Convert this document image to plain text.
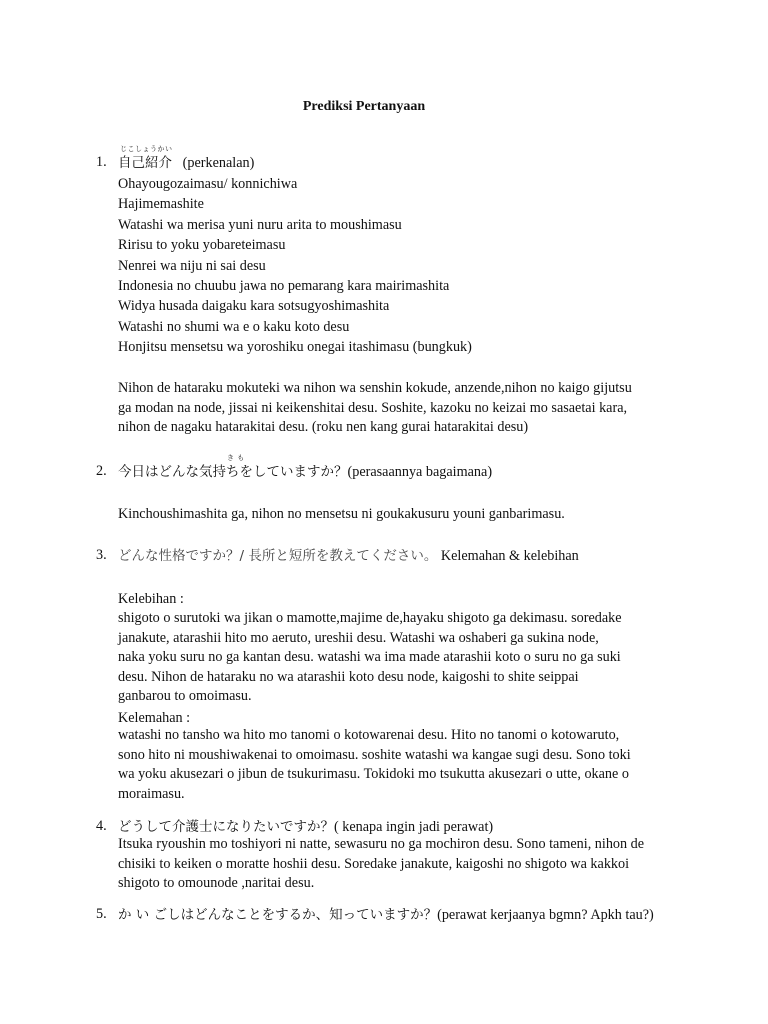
Prediksi Pertanyaan
じこしょうかい
1. 自己紹介 (perkenalan)
Ohayougozaimasu/ konnichiwa
Hajimemashite
Watashi wa merisa yuni nuru arita to moushimasu
Ririsu to yoku yobareteimasu
Nenrei wa niju ni sai desu
Indonesia no chuubu jawa no pemarang kara mairimashita
Widya husada daigaku kara sotsugyoshimashita
Watashi no shumi wa e o kaku koto desu
Honjitsu mensetsu wa yoroshiku onegai itashimasu (bungkuk)
Nihon de hataraku mokuteki wa nihon wa senshin kokude, anzende,nihon no kaigo gijutsu
ga modan na node, jissai ni keikenshitai desu. Soshite, kazoku no keizai mo sasaetai kara,
nihon de nagaku hatarakitai desu. (roku nen kang gurai hatarakitai desu)
き も
2. 今日はどんな気持ちをしていますか？(perasaannya bagaimana)
Kinchoushimashita ga, nihon no mensetsu ni goukakusuru youni ganbarimasu.
3. どんな性格ですか？/ 長所と短所を教えてください。 Kelemahan & kelebihan
Kelebihan :
shigoto o surutoki wa jikan o mamotte,majime de,hayaku shigoto ga dekimasu. soredake
janakute, atarashii hito mo aeruto, ureshii desu. Watashi wa oshaberi ga sukina node,
naka yoku suru no ga kantan desu. watashi wa ima made atarashii koto o suru no ga suki
desu. Nihon de hataraku no wa atarashii koto desu node, kaigoshi to shite seippai
ganbarou to omoimasu.
Kelemahan :
watashi no tansho wa hito mo tanomi o kotowarenai desu. Hito no tanomi o kotowaruto,
sono hito ni moushiwakenai to omoimasu. soshite watashi wa kangae sugi desu. Sono toki
wa yoku akusezari o jibun de tsukurimasu. Tokidoki mo tsukutta akusezari o utte, okane o
moraimasu.
4. どうして介護士になりたいですか？( kenapa ingin jadi perawat)
Itsuka ryoushin mo toshiyori ni natte, sewasuru no ga mochiron desu. Sono tameni, nihon de
chisiki to keiken o moratte hoshii desu. Soredake janakute, kaigoshi no shigoto wa kakkoi
shigoto to omounode ,naritai desu.
5. か い ごしはどんなことをするか、知っていますか？(perawat kerjaanya bgmn? Apkh tau?)
